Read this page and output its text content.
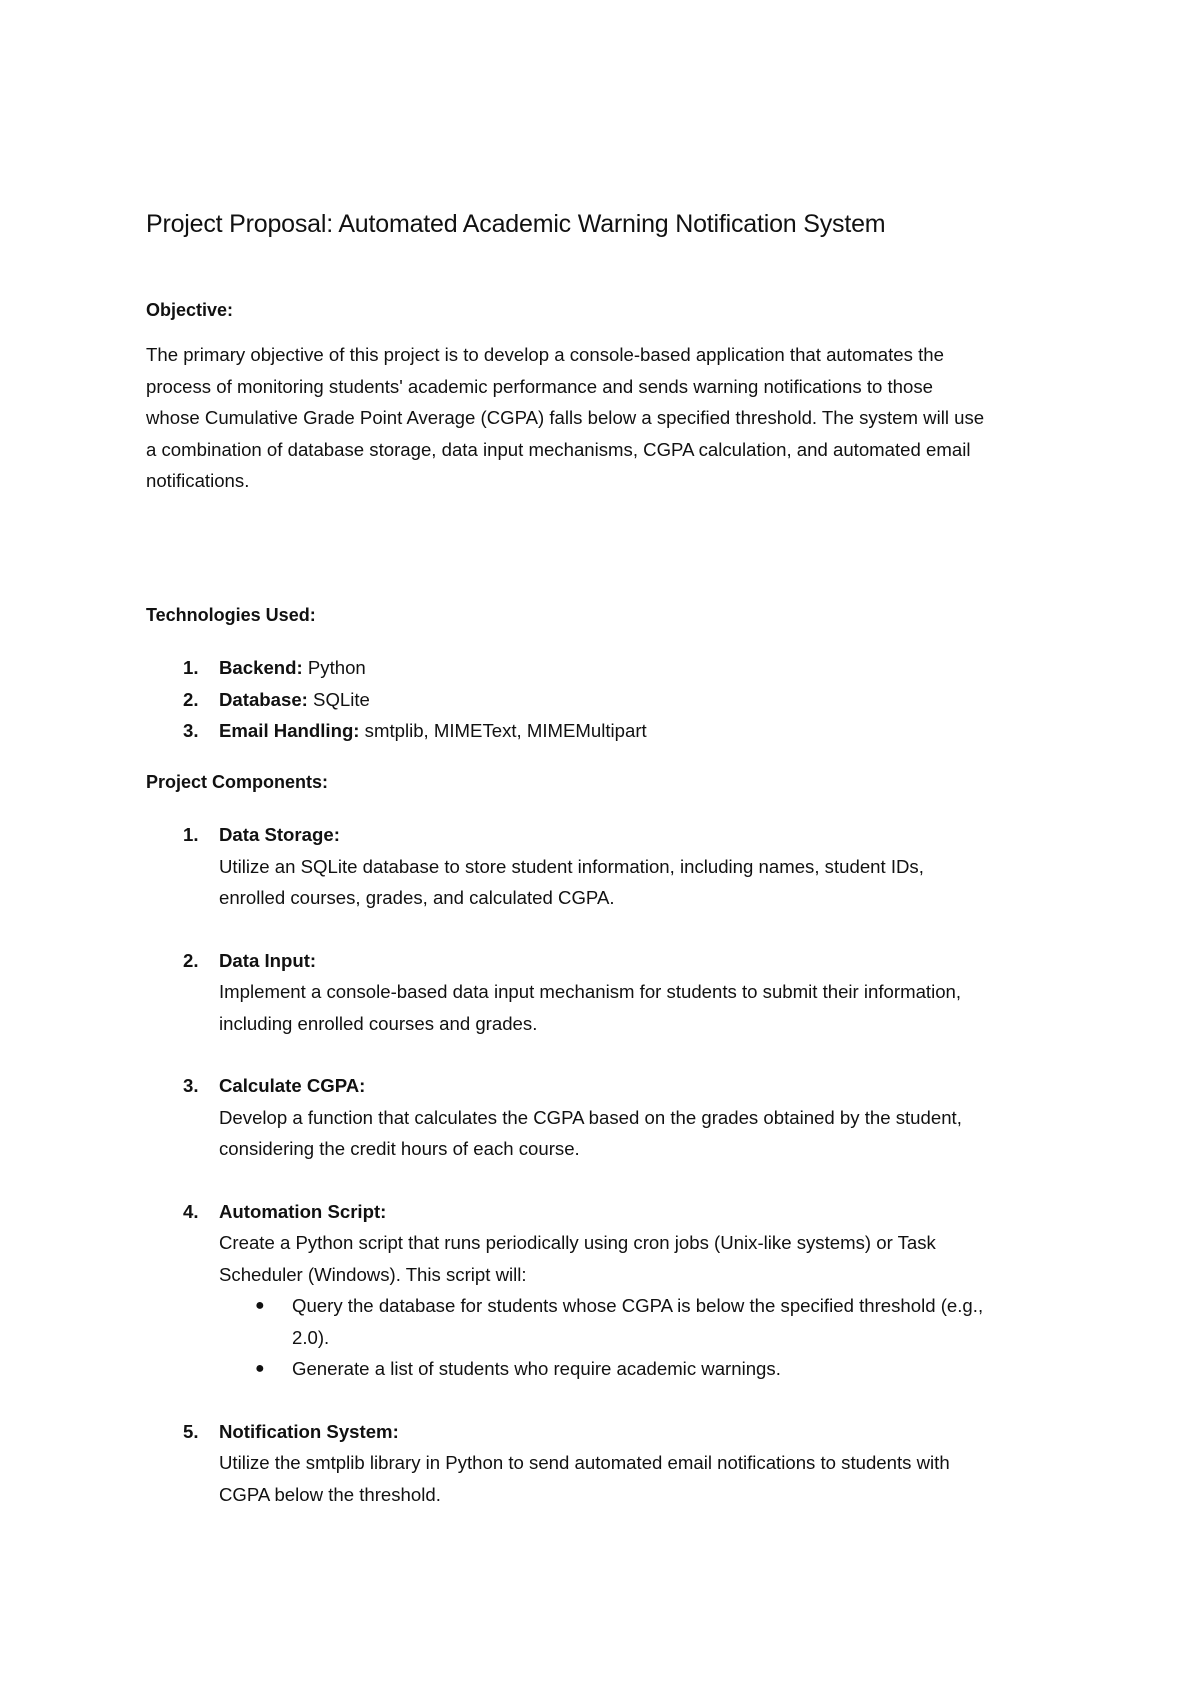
Project Proposal: Automated Academic Warning Notification System
Objective:
The primary objective of this project is to develop a console-based application that automates the
process of monitoring students' academic performance and sends warning notifications to those
whose Cumulative Grade Point Average (CGPA) falls below a specified threshold. The system will use
a combination of database storage, data input mechanisms, CGPA calculation, and automated email
notifications.
Technologies Used:
1. Backend: Python
2. Database: SQLite
3. Email Handling: smtplib, MIMEText, MIMEMultipart
Project Components:
1. Data Storage:
Utilize an SQLite database to store student information, including names, student IDs,
enrolled courses, grades, and calculated CGPA.
2. Data Input:
Implement a console-based data input mechanism for students to submit their information,
including enrolled courses and grades.
3. Calculate CGPA:
Develop a function that calculates the CGPA based on the grades obtained by the student,
considering the credit hours of each course.
4. Automation Script:
Create a Python script that runs periodically using cron jobs (Unix-like systems) or Task
Scheduler (Windows). This script will:
● Query the database for students whose CGPA is below the specified threshold (e.g.,
2.0).
● Generate a list of students who require academic warnings.
5. Notification System:
Utilize the smtplib library in Python to send automated email notifications to students with
CGPA below the threshold.
